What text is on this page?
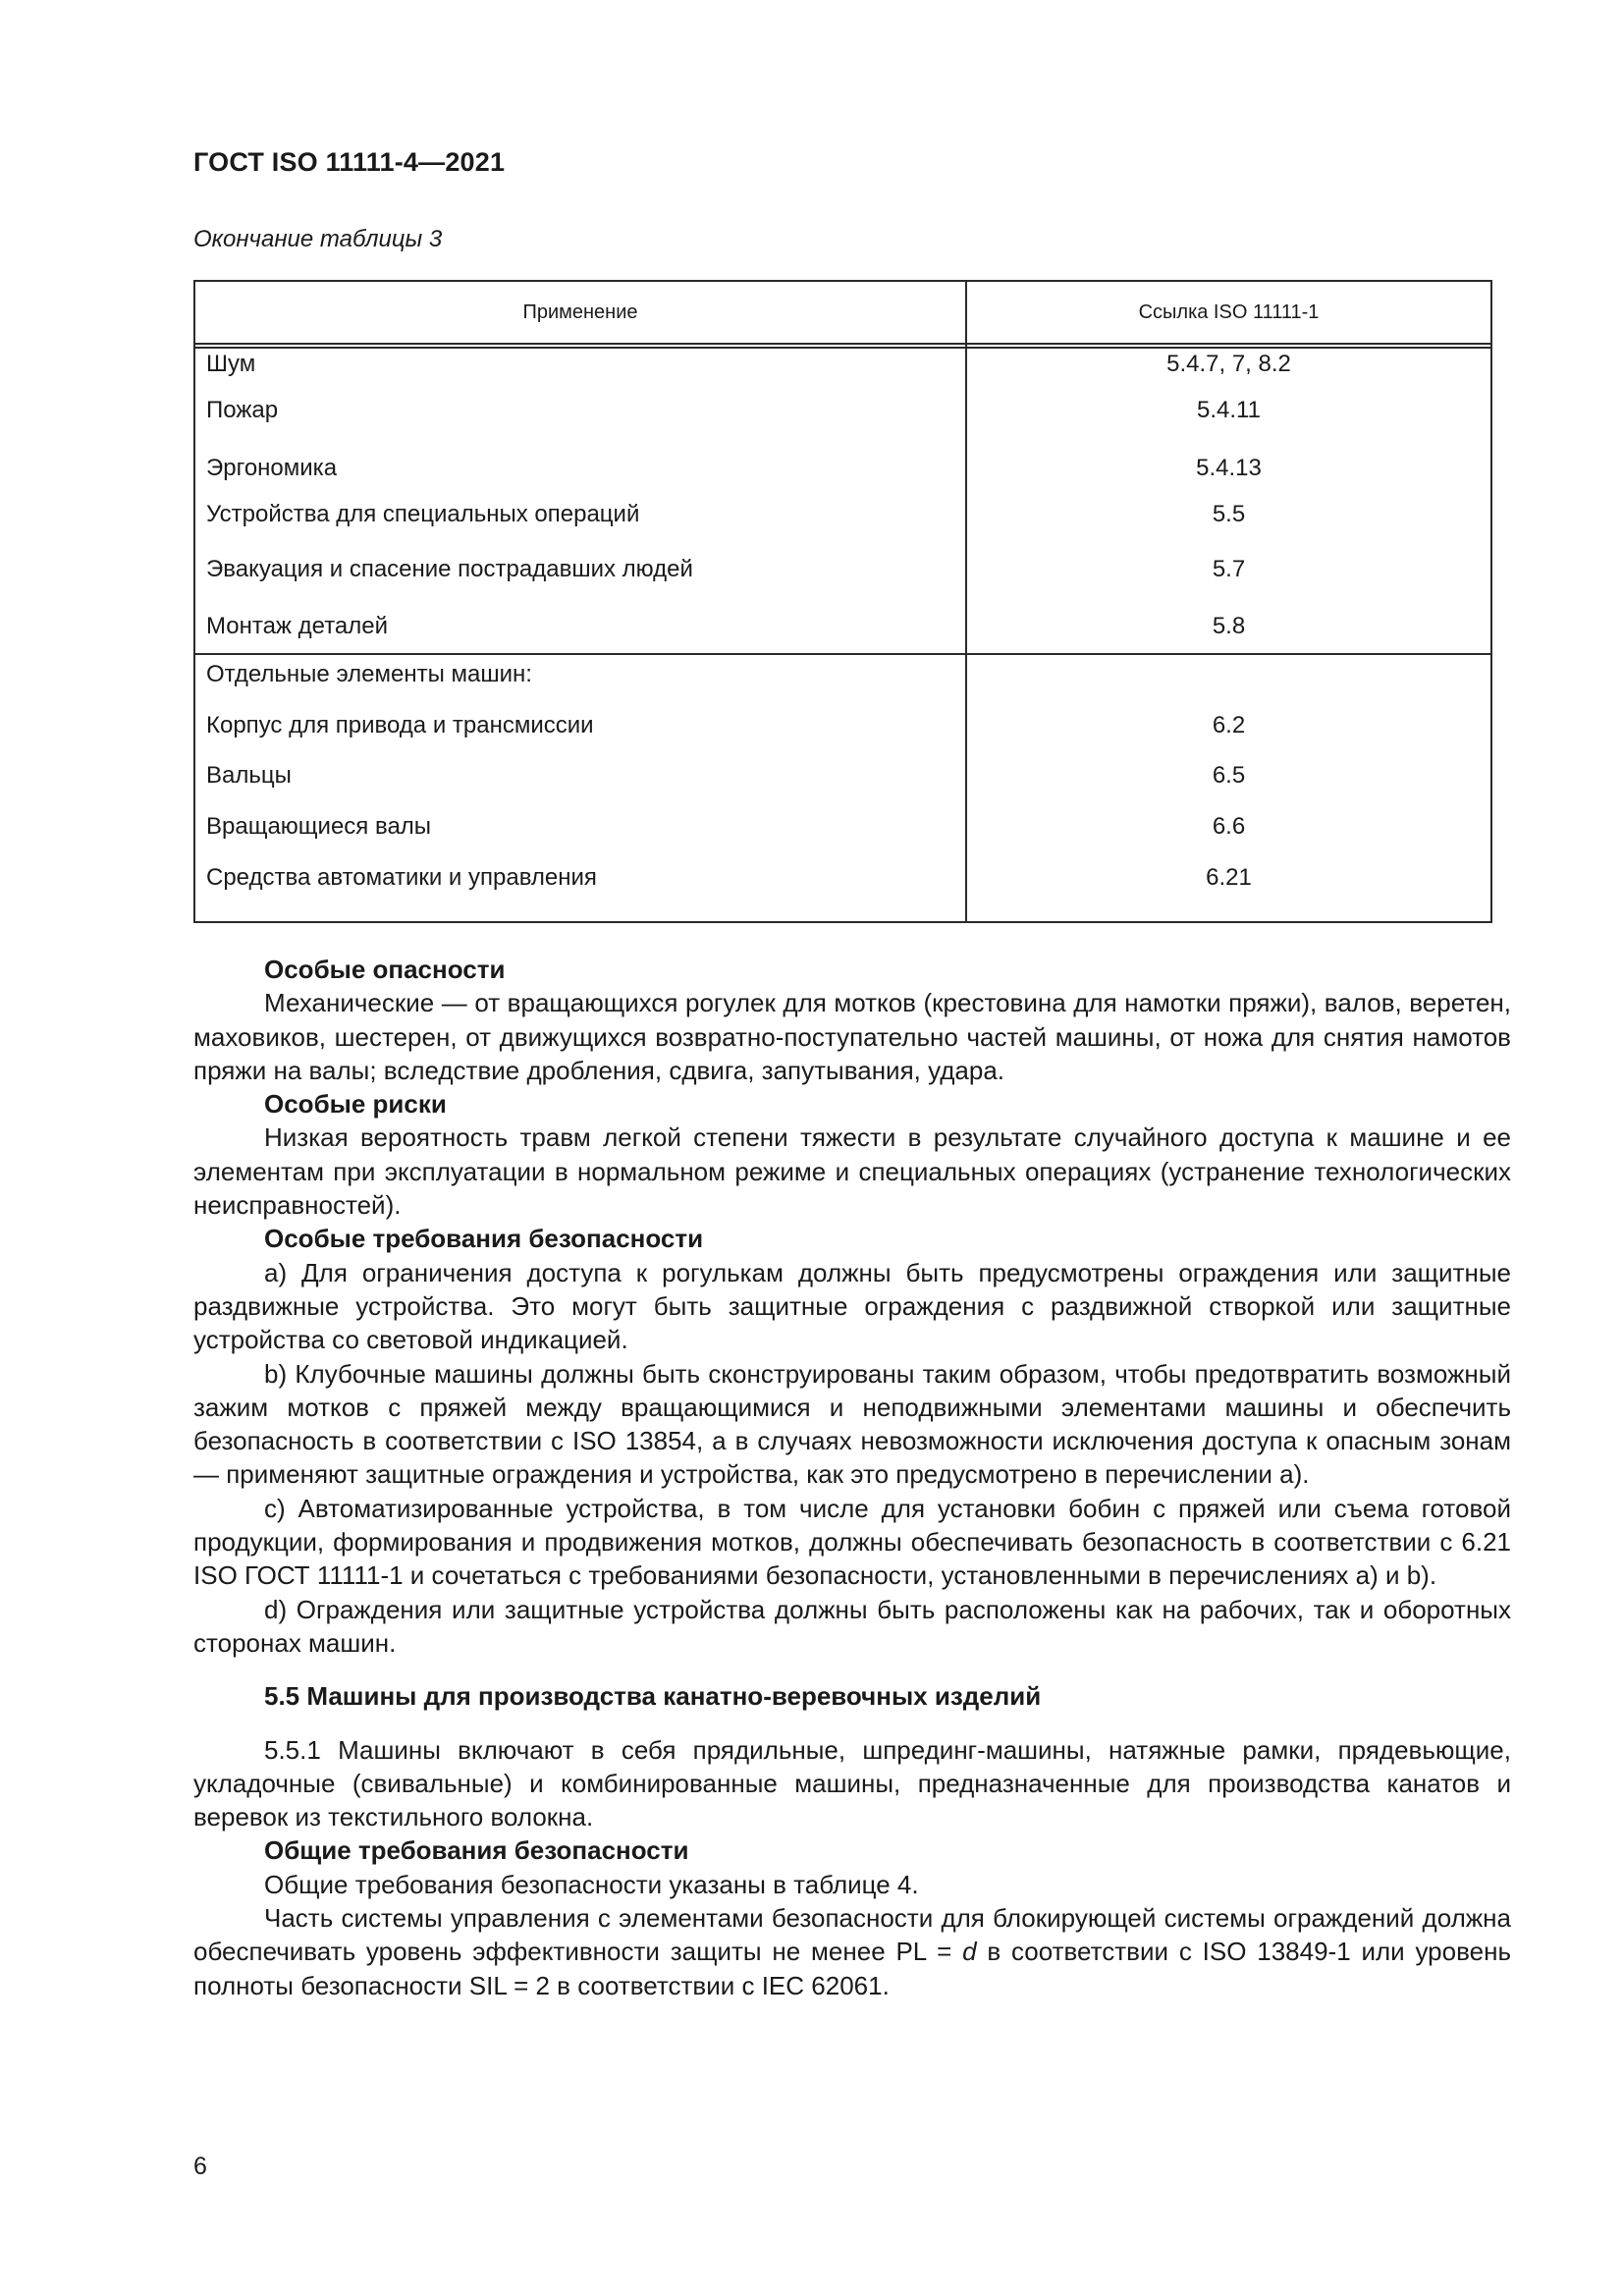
ГОСТ ISO 11111-4—2021
Окончание таблицы 3
Применение	Ссылка ISO 11111-1
Шум	5.4.7, 7, 8.2
Пожар	5.4.11
Эргономика	5.4.13
Устройства для специальных операций	5.5
Эвакуация и спасение пострадавших людей	5.7
Монтаж деталей	5.8
Отдельные элементы машин:
Корпус для привода и трансмиссии	6.2
Вальцы	6.5
Вращающиеся валы	6.6
Средства автоматики и управления	6.21

Особые опасности

Механические — от вращающихся рогулек для мотков (крестовина для намотки пряжи), валов, веретен, маховиков, шестерен, от движущихся возвратно-поступательно частей машины, от ножа для снятия намотов пряжи на валы; вследствие дробления, сдвига, запутывания, удара.

Особые риски

Низкая вероятность травм легкой степени тяжести в результате случайного доступа к машине и ее элементам при эксплуатации в нормальном режиме и специальных операциях (устранение технологических неисправностей).

Особые требования безопасности

а) Для ограничения доступа к рогулькам должны быть предусмотрены ограждения или защитные раздвижные устройства. Это могут быть защитные ограждения с раздвижной створкой или защитные устройства со световой индикацией.

b) Клубочные машины должны быть сконструированы таким образом, чтобы предотвратить возможный зажим мотков с пряжей между вращающимися и неподвижными элементами машины и обеспечить безопасность в соответствии с ISO 13854, а в случаях невозможности исключения доступа к опасным зонам — применяют защитные ограждения и устройства, как это предусмотрено в перечислении а).

c) Автоматизированные устройства, в том числе для установки бобин с пряжей или съема готовой продукции, формирования и продвижения мотков, должны обеспечивать безопасность в соответствии с 6.21 ISO ГОСТ 11111-1 и сочетаться с требованиями безопасности, установленными в перечислениях а) и b).

d) Ограждения или защитные устройства должны быть расположены как на рабочих, так и оборотных сторонах машин.

5.5 Машины для производства канатно-веревочных изделий

5.5.1 Машины включают в себя прядильные, шпрединг-машины, натяжные рамки, прядевьющие, укладочные (свивальные) и комбинированные машины, предназначенные для производства канатов и веревок из текстильного волокна.

Общие требования безопасности

Общие требования безопасности указаны в таблице 4.

Часть системы управления с элементами безопасности для блокирующей системы ограждений должна обеспечивать уровень эффективности защиты не менее PL = d в соответствии с ISO 13849-1 или уровень полноты безопасности SIL = 2 в соответствии с IEC 62061.

6
